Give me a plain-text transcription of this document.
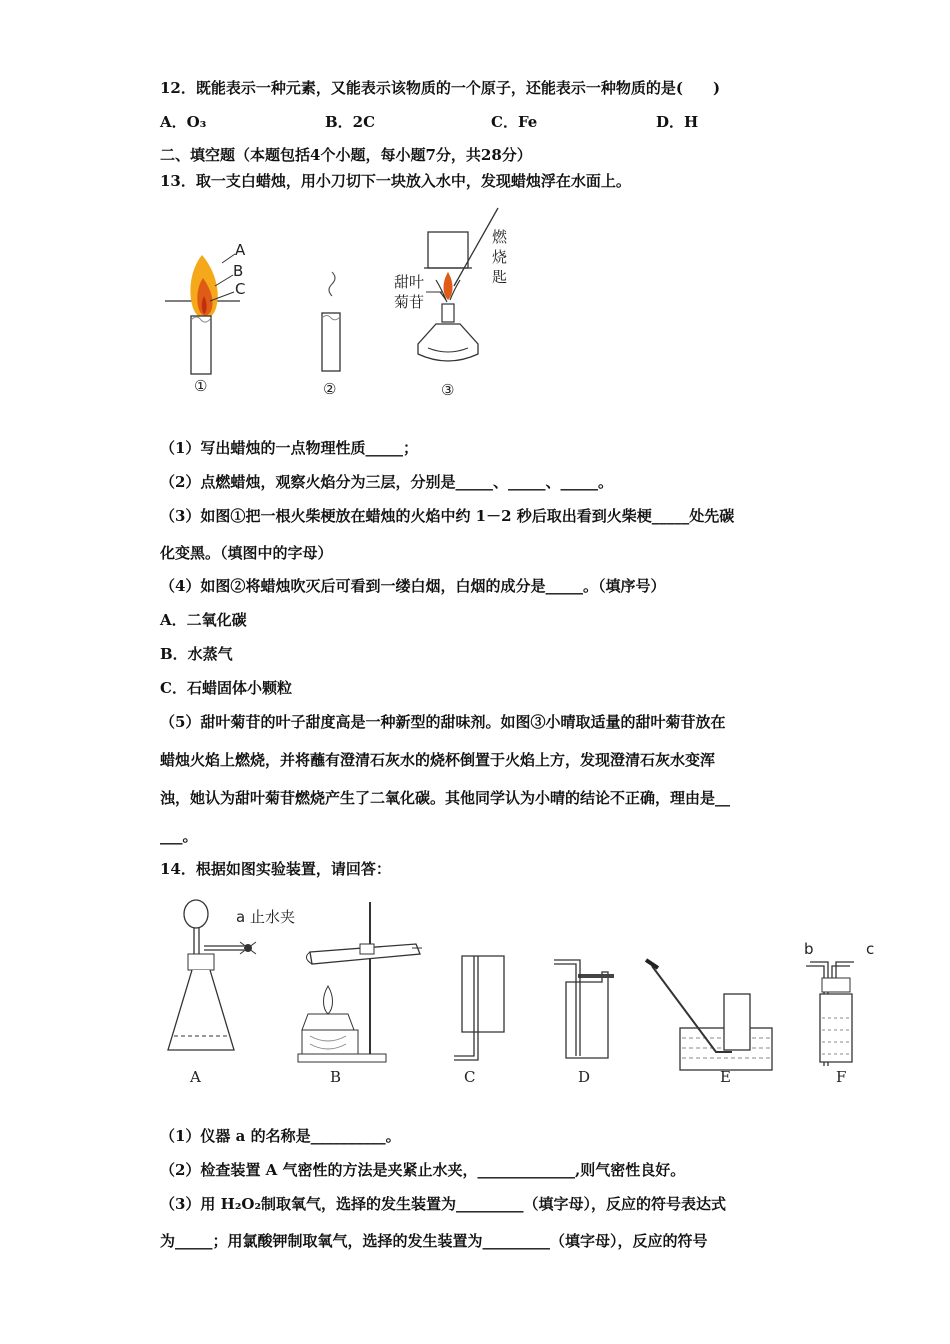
12．既能表示一种元素，又能表示该物质的一个原子，还能表示一种物质的是(　　)
A．O₃	B．2C	C．Fe	D．H
二、填空题（本题包括4个小题，每小题7分，共28分）
13．取一支白蜡烛，用小刀切下一块放入水中，发现蜡烛浮在水面上。
A
B
C
①	②
燃
烧
匙
甜叶
菊苷
③
（1）写出蜡烛的一点物理性质_____；
（2）点燃蜡烛，观察火焰分为三层，分别是_____、_____、_____。
（3）如图①把一根火柴梗放在蜡烛的火焰中约 1－2 秒后取出看到火柴梗_____处先碳
化变黑。（填图中的字母）
（4）如图②将蜡烛吹灭后可看到一缕白烟，白烟的成分是_____。（填序号）
A．二氧化碳
B．水蒸气
C．石蜡固体小颗粒
（5）甜叶菊苷的叶子甜度高是一种新型的甜味剂。如图③小晴取适量的甜叶菊苷放在
蜡烛火焰上燃烧，并将蘸有澄清石灰水的烧杯倒置于火焰上方，发现澄清石灰水变浑
浊，她认为甜叶菊苷燃烧产生了二氧化碳。其他同学认为小晴的结论不正确，理由是__
___。
14．根据如图实验装置，请回答：
a 止水夹
A	B	C	D	E
b	c
F
（1）仪器 a 的名称是__________。
（2）检查装置 A 气密性的方法是夹紧止水夹，_____________,则气密性良好。
（3）用 H₂O₂制取氧气，选择的发生装置为_________（填字母），反应的符号表达式
为_____；用氯酸钾制取氧气，选择的发生装置为_________（填字母），反应的符号
